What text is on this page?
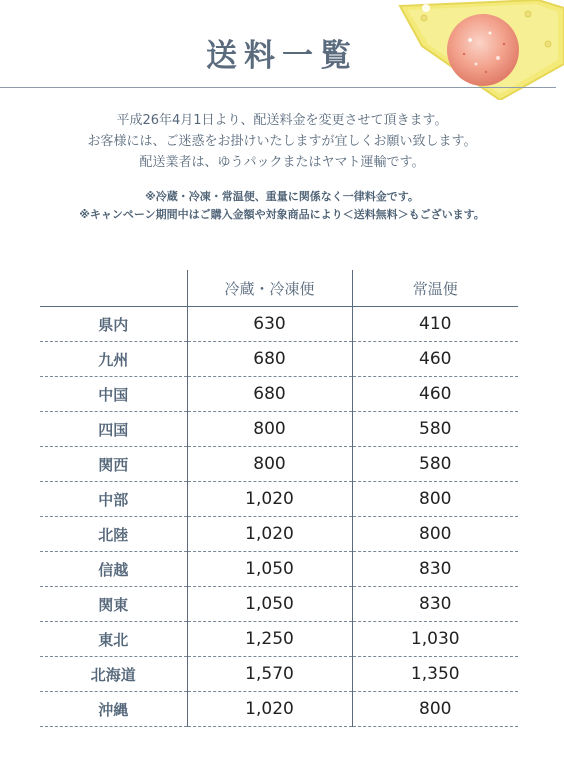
送料一覧
平成26年4月1日より、配送料金を変更させて頂きます。
お客様には、ご迷惑をお掛けいたしますが宜しくお願い致します。
配送業者は、ゆうパックまたはヤマト運輸です。
※冷蔵・冷凍・常温便、重量に関係なく一律料金です。
※キャンペーン期間中はご購入金額や対象商品により＜送料無料＞もございます。
	冷蔵・冷凍便	常温便
県内	630	410
九州	680	460
中国	680	460
四国	800	580
関西	800	580
中部	1,020	800
北陸	1,020	800
信越	1,050	830
関東	1,050	830
東北	1,250	1,030
北海道	1,570	1,350
沖縄	1,020	800
